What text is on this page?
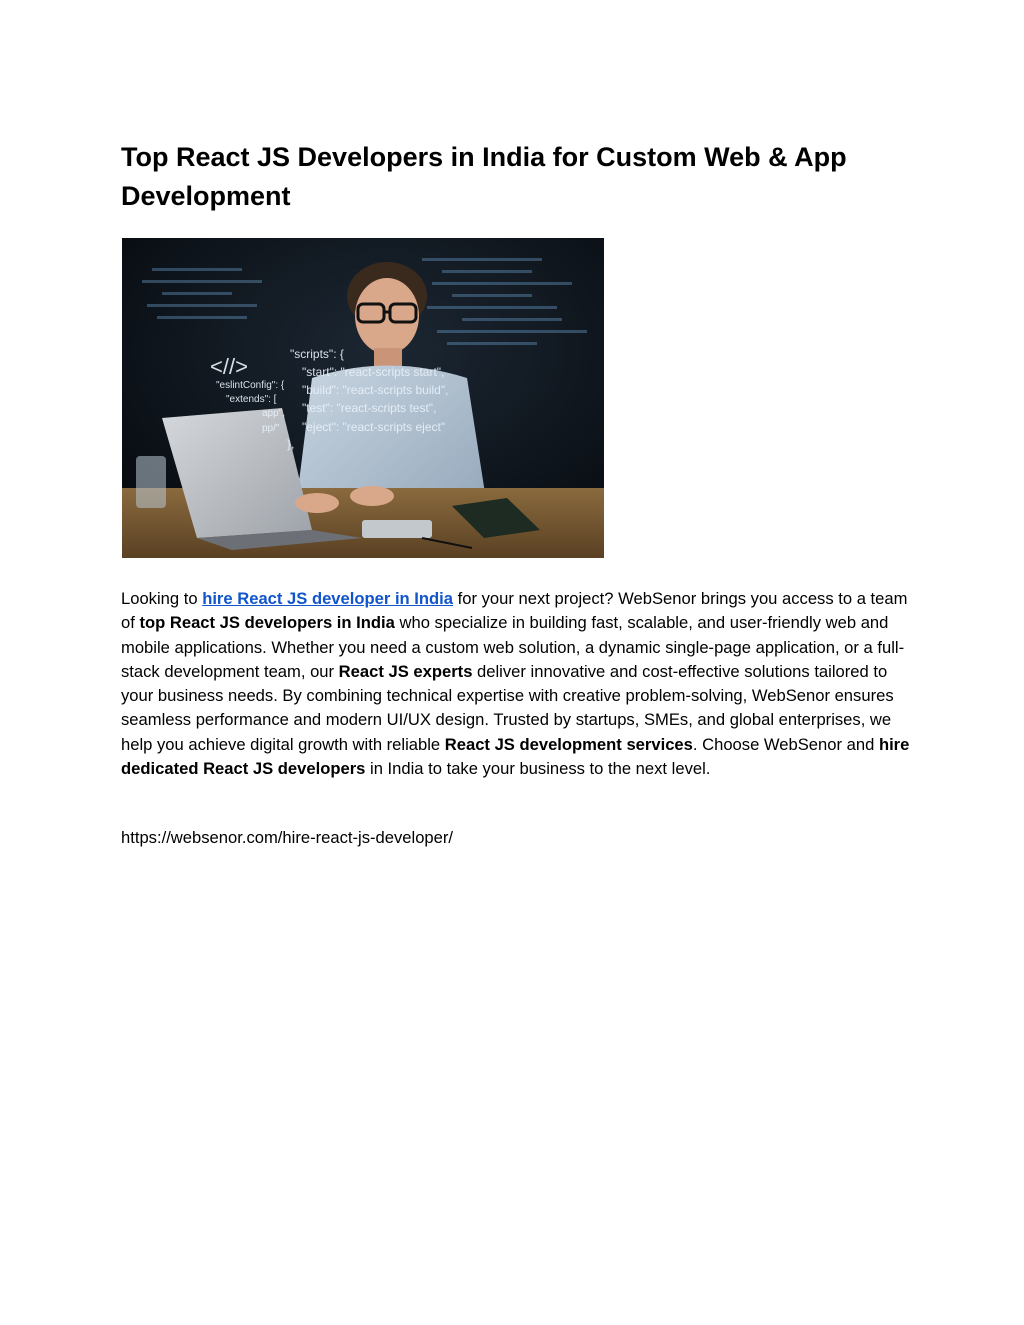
Top React JS Developers in India for Custom Web & App Development
<//>	"scripts": {
"start": "react-scripts start",
"eslintConfig": { "build": "react-scripts build",
"extends": [
"test": "react-scripts test",
app",
"eject": "react-scripts eject"
pp/"
},

Looking to hire React JS developer in India for your next project? WebSenor brings you access to a team of top React JS developers in India who specialize in building fast, scalable, and user-friendly web and mobile applications. Whether you need a custom web solution, a dynamic single-page application, or a full-stack development team, our React JS experts deliver innovative and cost-effective solutions tailored to your business needs. By combining technical expertise with creative problem-solving, WebSenor ensures seamless performance and modern UI/UX design. Trusted by startups, SMEs, and global enterprises, we help you achieve digital growth with reliable React JS development services. Choose WebSenor and hire dedicated React JS developers in India to take your business to the next level.

https://websenor.com/hire-react-js-developer/
